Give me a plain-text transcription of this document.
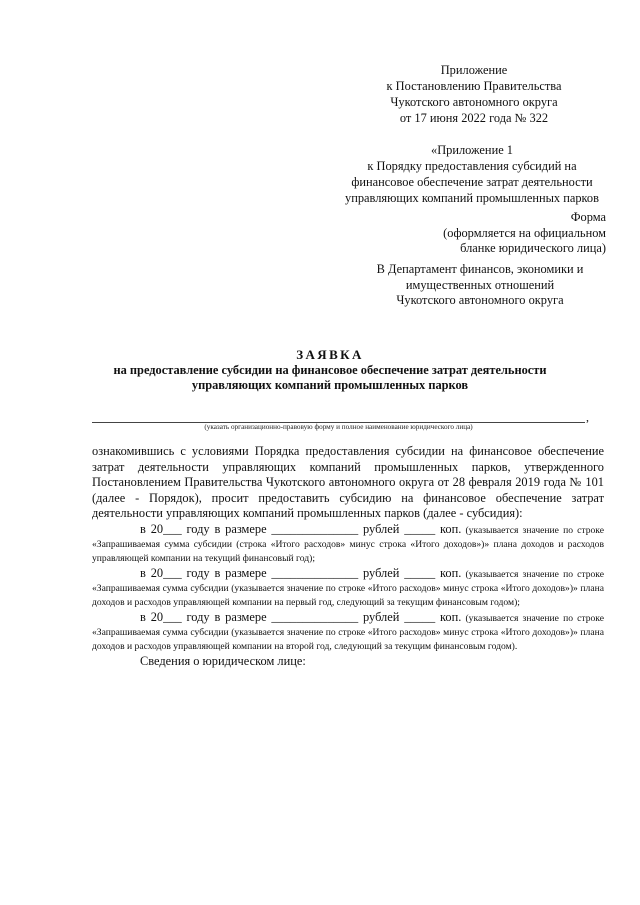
Приложение
к Постановлению Правительства
Чукотского автономного округа
от 17 июня 2022 года № 322
«Приложение 1
к Порядку предоставления субсидий на
финансовое обеспечение затрат деятельности
управляющих компаний промышленных парков
Форма
(оформляется на официальном
бланке юридического лица)
В Департамент финансов, экономики и
имущественных отношений
Чукотского автономного округа
ЗАЯВКА
на предоставление субсидии на финансовое обеспечение затрат деятельности
управляющих компаний промышленных парков
,
(указать организационно-правовую форму и полное наименование юридического лица)

ознакомившись с условиями Порядка предоставления субсидии на финансовое обеспечение затрат деятельности управляющих компаний промышленных парков, утвержденного Постановлением Правительства Чукотского автономного округа от 28 февраля 2019 года № 101 (далее - Порядок), просит предоставить субсидию на финансовое обеспечение затрат деятельности управляющих компаний промышленных парков (далее - субсидия):

в 20___ году в размере ______________ рублей _____ коп. (указывается значение по строке «Запрашиваемая сумма субсидии (строка «Итого расходов» минус строка «Итого доходов»)» плана доходов и расходов управляющей компании на текущий финансовый год);

в 20___ году в размере ______________ рублей _____ коп. (указывается значение по строке «Запрашиваемая сумма субсидии (указывается значение по строке «Итого расходов» минус строка «Итого доходов»)» плана доходов и расходов управляющей компании на первый год, следующий за текущим финансовым годом);

в 20___ году в размере ______________ рублей _____ коп. (указывается значение по строке «Запрашиваемая сумма субсидии (указывается значение по строке «Итого расходов» минус строка «Итого доходов»)» плана доходов и расходов управляющей компании на второй год, следующий за текущим финансовым годом).

Сведения о юридическом лице:
